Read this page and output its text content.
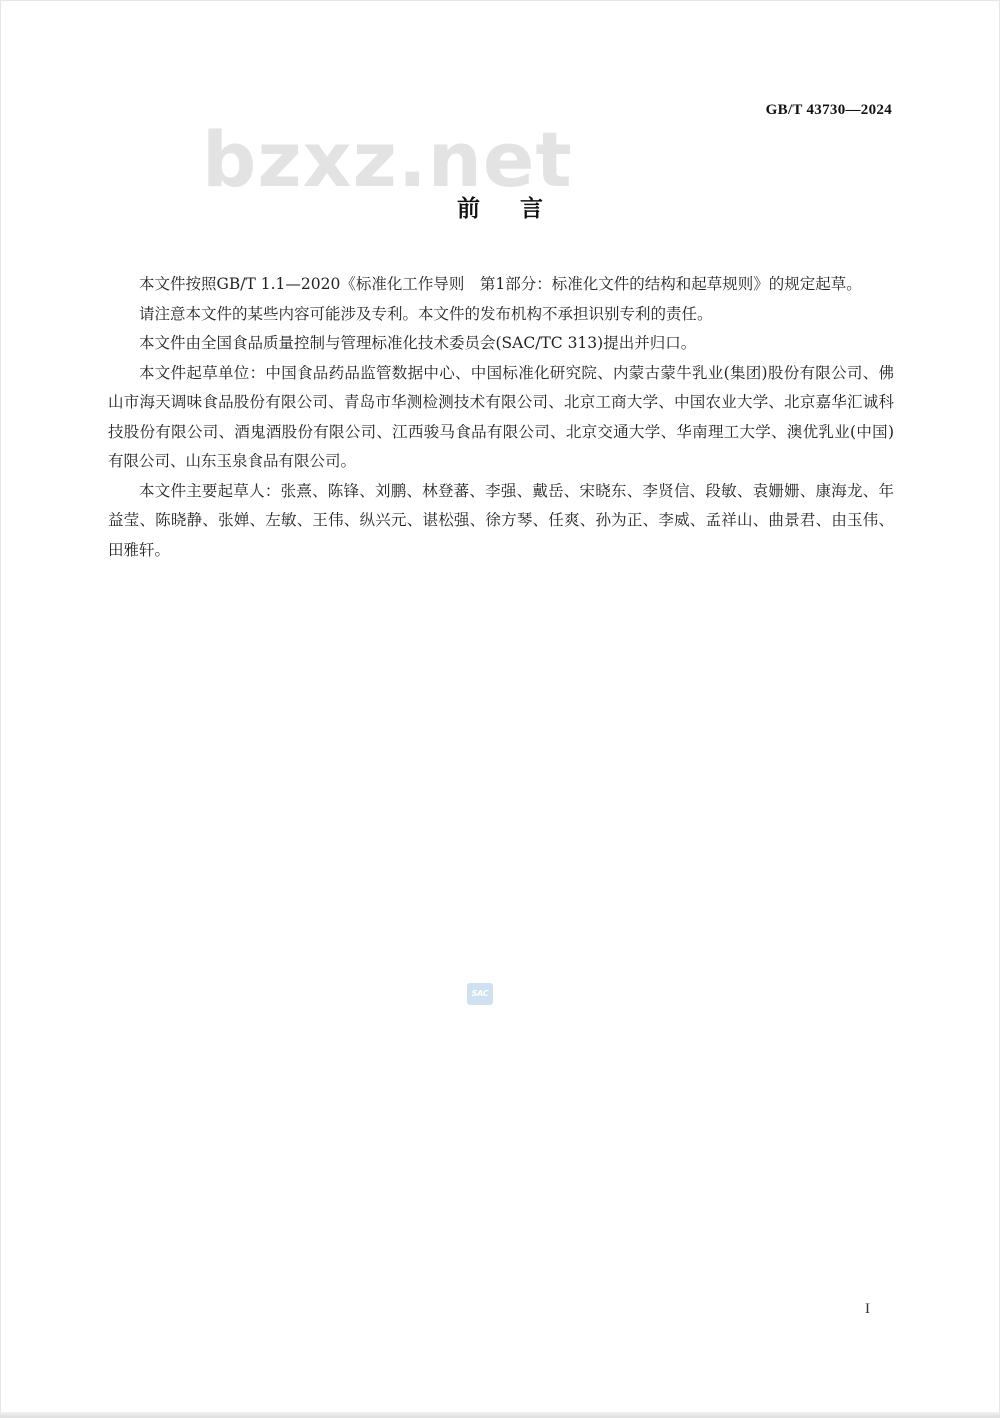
bzxz.net
GB/T 43730—2024
前言

本文件按照GB/T 1.1—2020《标准化工作导则　第1部分：标准化文件的结构和起草规则》的规定起草。

请注意本文件的某些内容可能涉及专利。本文件的发布机构不承担识别专利的责任。

本文件由全国食品质量控制与管理标准化技术委员会(SAC/TC 313)提出并归口。

本文件起草单位：中国食品药品监管数据中心、中国标准化研究院、内蒙古蒙牛乳业(集团)股份有限公司、佛山市海天调味食品股份有限公司、青岛市华测检测技术有限公司、北京工商大学、中国农业大学、北京嘉华汇诚科技股份有限公司、酒鬼酒股份有限公司、江西骏马食品有限公司、北京交通大学、华南理工大学、澳优乳业(中国)有限公司、山东玉泉食品有限公司。

本文件主要起草人：张熹、陈锋、刘鹏、林登蕃、李强、戴岳、宋晓东、李贤信、段敏、袁姗姗、康海龙、年益莹、陈晓静、张婵、左敏、王伟、纵兴元、谌松强、徐方琴、任爽、孙为正、李威、孟祥山、曲景君、由玉伟、田雅轩。

SAC
I
